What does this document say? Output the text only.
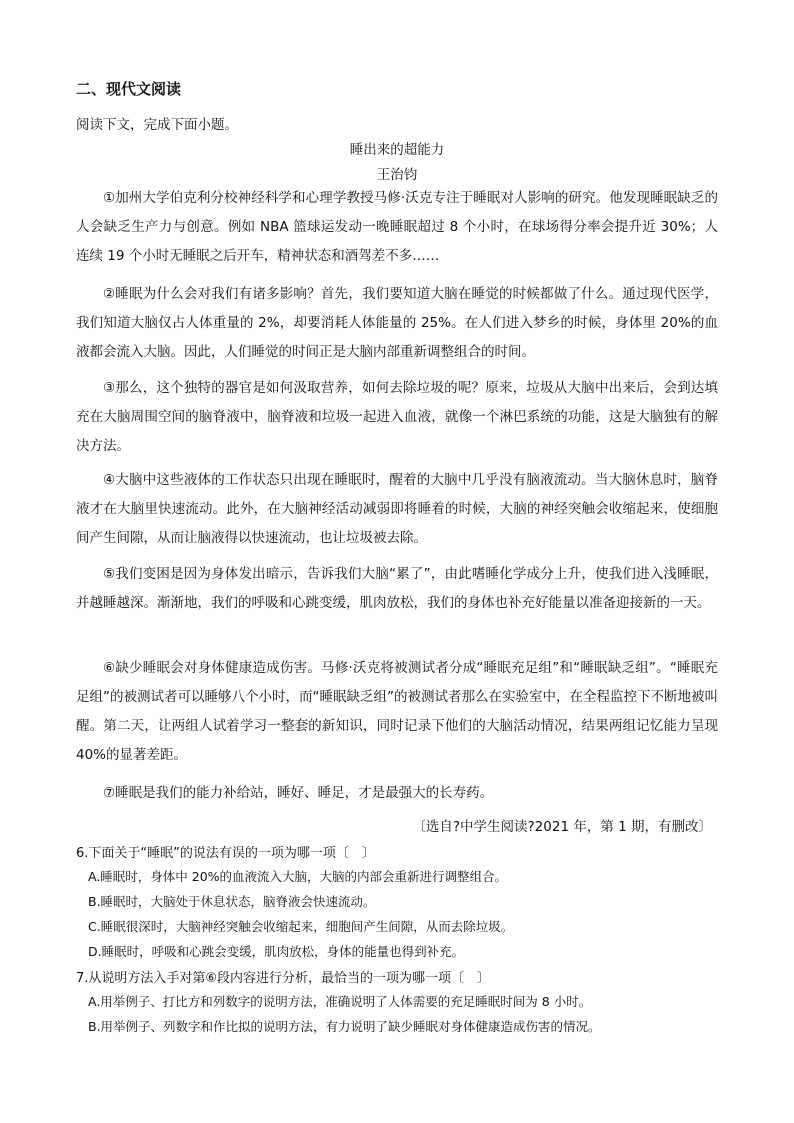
二、现代文阅读
阅读下文，完成下面小题。
睡出来的超能力
王治钧
①加州大学伯克利分校神经科学和心理学教授马修·沃克专注于睡眠对人影响的研究。他发现睡眠缺乏的人会缺乏生产力与创意。例如 NBA 篮球运发动一晚睡眠超过 8 个小时，在球场得分率会提升近 30%；人连续 19 个小时无睡眠之后开车，精神状态和酒驾差不多……
②睡眠为什么会对我们有诸多影响？首先，我们要知道大脑在睡觉的时候都做了什么。通过现代医学，我们知道大脑仅占人体重量的 2%，却要消耗人体能量的 25%。在人们进入梦乡的时候，身体里 20%的血液都会流入大脑。因此，人们睡觉的时间正是大脑内部重新调整组合的时间。
③那么，这个独特的器官是如何汲取营养，如何去除垃圾的呢？原来，垃圾从大脑中出来后，会到达填充在大脑周围空间的脑脊液中，脑脊液和垃圾一起进入血液，就像一个淋巴系统的功能，这是大脑独有的解决方法。
④大脑中这些液体的工作状态只出现在睡眠时，醒着的大脑中几乎没有脑液流动。当大脑休息时，脑脊液才在大脑里快速流动。此外，在大脑神经活动减弱即将睡着的时候，大脑的神经突触会收缩起来，使细胞间产生间隙，从而让脑液得以快速流动，也让垃圾被去除。
⑤我们变困是因为身体发出暗示，告诉我们大脑“累了”，由此嗜睡化学成分上升，使我们进入浅睡眠，并越睡越深。渐渐地，我们的呼吸和心跳变缓，肌肉放松，我们的身体也补充好能量以准备迎接新的一天。
⑥缺少睡眠会对身体健康造成伤害。马修·沃克将被测试者分成“睡眠充足组”和“睡眠缺乏组”。“睡眠充足组”的被测试者可以睡够八个小时，而“睡眠缺乏组”的被测试者那么在实验室中，在全程监控下不断地被叫醒。第二天，让两组人试着学习一整套的新知识，同时记录下他们的大脑活动情况，结果两组记忆能力呈现 40%的显著差距。
⑦睡眠是我们的能力补给站，睡好、睡足，才是最强大的长寿药。
〔选自?中学生阅读?2021 年，第 1 期，有删改〕
6.下面关于“睡眠”的说法有误的一项为哪一项〔　〕
A.睡眠时，身体中 20%的血液流入大脑，大脑的内部会重新进行调整组合。
B.睡眠时，大脑处于休息状态，脑脊液会快速流动。
C.睡眠很深时，大脑神经突触会收缩起来，细胞间产生间隙，从而去除垃圾。
D.睡眠时，呼吸和心跳会变缓，肌肉放松，身体的能量也得到补充。
7.从说明方法入手对第⑥段内容进行分析，最恰当的一项为哪一项〔　〕
A.用举例子、打比方和列数字的说明方法，准确说明了人体需要的充足睡眠时间为 8 小时。
B.用举例子、列数字和作比拟的说明方法，有力说明了缺少睡眠对身体健康造成伤害的情况。
